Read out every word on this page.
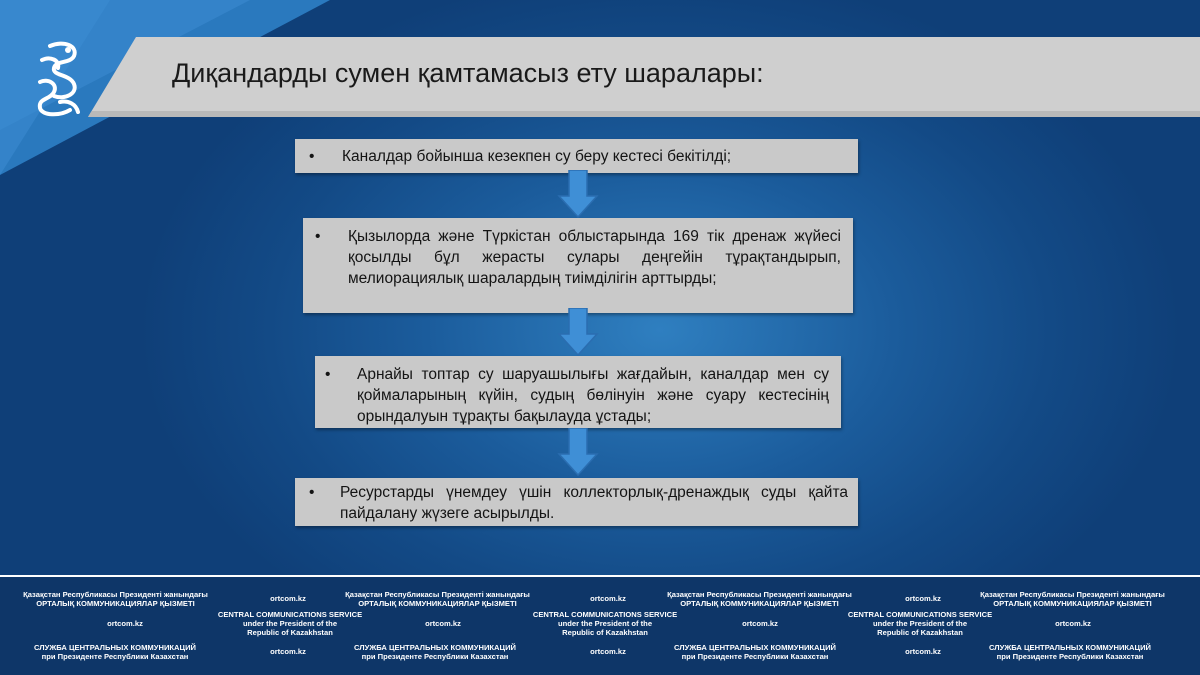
Диқандарды сумен қамтамасыз ету шаралары:
•	Каналдар бойынша кезекпен су беру кестесі бекітілді;
•	Қызылорда және Түркістан облыстарында 169 тік дренаж жүйесі қосылды бұл жерасты сулары деңгейін тұрақтандырып, мелиорациялық шаралардың тиімділігін арттырды;
•	Арнайы топтар су шаруашылығы жағдайын, каналдар мен су қоймаларының күйін, судың бөлінуін және суару кестесінің орындалуын тұрақты бақылауда ұстады;
•	Ресурстарды үнемдеу үшін коллекторлық-дренаждық суды қайта пайдалану жүзеге асырылды.
Қазақстан Республикасы Президенті жанындағы
ОРТАЛЫҚ КОММУНИКАЦИЯЛАР ҚЫЗМЕТІ
ortcom.kz	Қазақстан Республикасы Президенті жанындағы
ОРТАЛЫҚ КОММУНИКАЦИЯЛАР ҚЫЗМЕТІ
ortcom.kz	Қазақстан Республикасы Президенті жанындағы
ОРТАЛЫҚ КОММУНИКАЦИЯЛАР ҚЫЗМЕТІ
ortcom.kz	Қазақстан Республикасы Президенті жанындағы
ОРТАЛЫҚ КОММУНИКАЦИЯЛАР ҚЫЗМЕТІ
ortcom.kz
CENTRAL COMMUNICATIONS SERVICE
under the President of the
Republic of Kazakhstan
ortcom.kz
CENTRAL COMMUNICATIONS SERVICE
under the President of the
Republic of Kazakhstan
ortcom.kz
CENTRAL COMMUNICATIONS SERVICE
under the President of the
Republic of Kazakhstan
ortcom.kz
СЛУЖБА ЦЕНТРАЛЬНЫХ КОММУНИКАЦИЙ
при Президенте Республики Казахстан
ortcom.kz	СЛУЖБА ЦЕНТРАЛЬНЫХ КОММУНИКАЦИЙ
при Президенте Республики Казахстан
ortcom.kz	СЛУЖБА ЦЕНТРАЛЬНЫХ КОММУНИКАЦИЙ
при Президенте Республики Казахстан
ortcom.kz	СЛУЖБА ЦЕНТРАЛЬНЫХ КОММУНИКАЦИЙ
при Президенте Республики Казахстан
